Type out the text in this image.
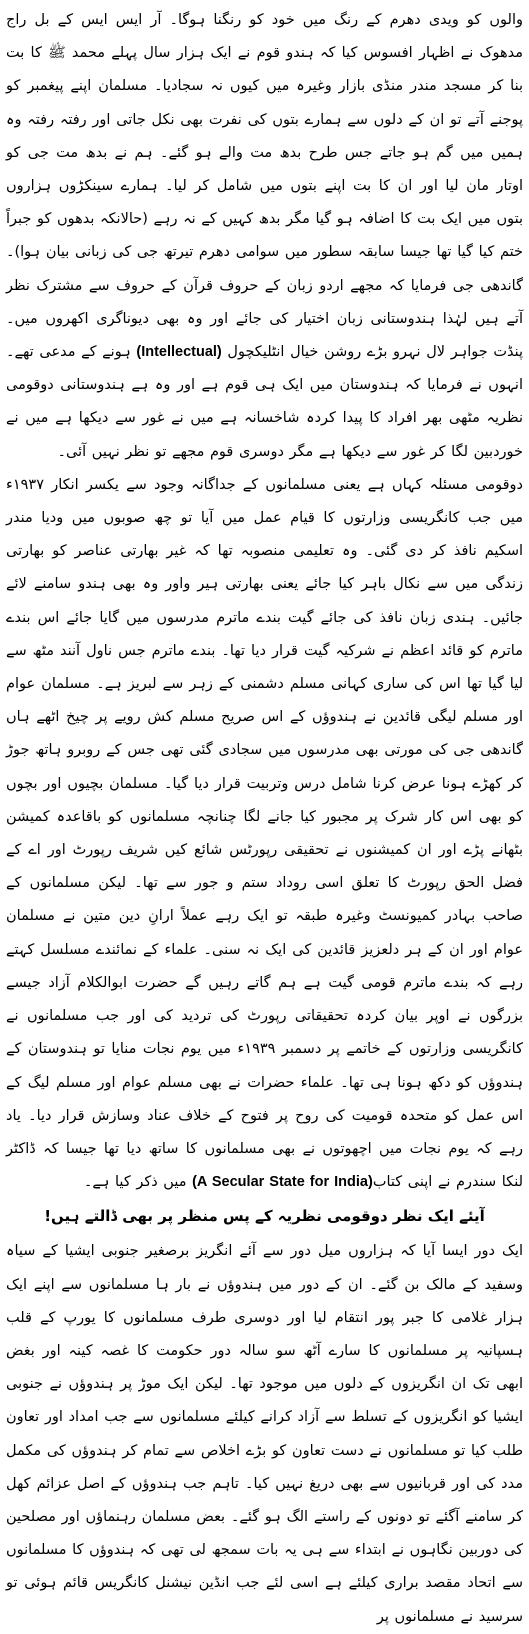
والوں کو ویدی دھرم کے رنگ میں خود کو رنگنا ہوگا۔ آر ایس ایس کے بل راج مدھوک نے اظہار افسوس کیا کہ ہندو قوم نے ایک ہزار سال پہلے محمد ﷺ کا بت بنا کر مسجد مندر منڈی بازار وغیرہ میں کیوں نہ سجادیا۔ مسلمان اپنے پیغمبر کو پوجنے آتے تو ان کے دلوں سے ہمارے بتوں کی نفرت بھی نکل جاتی اور رفتہ رفتہ وہ ہمیں میں گم ہو جاتے جس طرح بدھ مت والے ہو گئے۔ ہم نے بدھ مت جی کو اوتار مان لیا اور ان کا بت اپنے بتوں میں شامل کر لیا۔ ہمارے سینکڑوں ہزاروں بتوں میں ایک بت کا اضافہ ہو گیا مگر بدھ کہیں کے نہ رہے (حالانکہ بدھوں کو جبراً ختم کیا گیا تھا جیسا سابقہ سطور میں سوامی دھرم تیرتھ جی کی زبانی بیان ہوا)۔ گاندھی جی فرمایا کہ مجھے اردو زبان کے حروف قرآن کے حروف سے مشترک نظر آتے ہیں لہٰذا ہندوستانی زبان اختیار کی جائے اور وہ بھی دیوناگری اکھروں میں۔ پنڈت جواہر لال نہرو بڑے روشن خیال انٹلیکچول (Intellectual) ہونے کے مدعی تھے۔ انہوں نے فرمایا کہ ہندوستان میں ایک ہی قوم ہے اور وہ ہے ہندوستانی دوقومی نظریہ مٹھی بھر افراد کا پیدا کردہ شاخسانہ ہے میں نے غور سے دیکھا ہے میں نے خوردبین لگا کر غور سے دیکھا ہے مگر دوسری قوم مجھے تو نظر نہیں آئی۔

دوقومی مسئلہ کہاں ہے یعنی مسلمانوں کے جداگانہ وجود سے یکسر انکار ۱۹۳۷ء میں جب کانگریسی وزارتوں کا قیام عمل میں آیا تو چھ صوبوں میں ودیا مندر اسکیم نافذ کر دی گئی۔ وہ تعلیمی منصوبہ تھا کہ غیر بھارتی عناصر کو بھارتی زندگی میں سے نکال باہر کیا جائے یعنی بھارتی ہیر واور وہ بھی ہندو سامنے لائے جائیں۔ ہندی زبان نافذ کی جائے گیت بندے ماترم مدرسوں میں گایا جائے اس بندے ماترم کو قائد اعظم نے شرکیہ گیت قرار دیا تھا۔ بندے ماترم جس ناول آنند مٹھ سے لیا گیا تھا اس کی ساری کہانی مسلم دشمنی کے زہر سے لبریز ہے۔ مسلمان عوام اور مسلم لیگی قائدین نے ہندوؤں کے اس صریح مسلم کش رویے پر چیخ اٹھے ہاں گاندھی جی کی مورتی بھی مدرسوں میں سجادی گئی تھی جس کے روبرو ہاتھ جوڑ کر کھڑے ہونا عرض کرنا شامل درس وتربیت قرار دیا گیا۔ مسلمان بچیوں اور بچوں کو بھی اس کار شرک پر مجبور کیا جانے لگا چنانچہ مسلمانوں کو باقاعدہ کمیشن بٹھانے پڑے اور ان کمیشنوں نے تحقیقی رپورٹس شائع کیں شریف رپورٹ اور اے کے فضل الحق رپورٹ کا تعلق اسی روداد ستم و جور سے تھا۔ لیکن مسلمانوں کے صاحب بہادر کمیونسٹ وغیرہ طبقہ تو ایک رہے عملاً ارانِ دین متین نے مسلمان عوام اور ان کے ہر دلعزیز قائدین کی ایک نہ سنی۔ علماء کے نمائندے مسلسل کہتے رہے کہ بندے ماترم قومی گیت ہے ہم گاتے رہیں گے حضرت ابوالکلام آزاد جیسے بزرگوں نے اوپر بیان کردہ تحقیقاتی رپورٹ کی تردید کی اور جب مسلمانوں نے کانگریسی وزارتوں کے خاتمے پر دسمبر ۱۹۳۹ء میں یوم نجات منایا تو ہندوستان کے ہندوؤں کو دکھ ہونا ہی تھا۔ علماء حضرات نے بھی مسلم عوام اور مسلم لیگ کے اس عمل کو متحدہ قومیت کی روح پر فتوح کے خلاف عناد وسازش قرار دیا۔ یاد رہے کہ یوم نجات میں اچھوتوں نے بھی مسلمانوں کا ساتھ دیا تھا جیسا کہ ڈاکٹر لنکا سندرم نے اپنی کتاب(A Secular State for India) میں ذکر کیا ہے۔

آیئے ایک نظر دوقومی نظریہ کے پس منظر پر بھی ڈالتے ہیں!

ایک دور ایسا آیا کہ ہزاروں میل دور سے آئے انگریز برصغیر جنوبی ایشیا کے سیاہ وسفید کے مالک بن گئے۔ ان کے دور میں ہندوؤں نے بار ہا مسلمانوں سے اپنے ایک ہزار غلامی کا جبر پور انتقام لیا اور دوسری طرف مسلمانوں کا یورپ کے قلب ہسپانیہ پر مسلمانوں کا سارے آٹھ سو سالہ دور حکومت کا غصہ کینہ اور بغض ابھی تک ان انگریزوں کے دلوں میں موجود تھا۔ لیکن ایک موڑ پر ہندوؤں نے جنوبی ایشیا کو انگریزوں کے تسلط سے آزاد کرانے کیلئے مسلمانوں سے جب امداد اور تعاون طلب کیا تو مسلمانوں نے دست تعاون کو بڑے اخلاص سے تمام کر ہندوؤں کی مکمل مدد کی اور قربانیوں سے بھی دریغ نہیں کیا۔ تاہم جب ہندوؤں کے اصل عزائم کھل کر سامنے آگئے تو دونوں کے راستے الگ ہو گئے۔ بعض مسلمان رہنماؤں اور مصلحین کی دوربین نگاہوں نے ابتداء سے ہی یہ بات سمجھ لی تھی کہ ہندوؤں کا مسلمانوں سے اتحاد مقصد براری کیلئے ہے اسی لئے جب انڈین نیشنل کانگریس قائم ہوئی تو سرسید نے مسلمانوں پر
